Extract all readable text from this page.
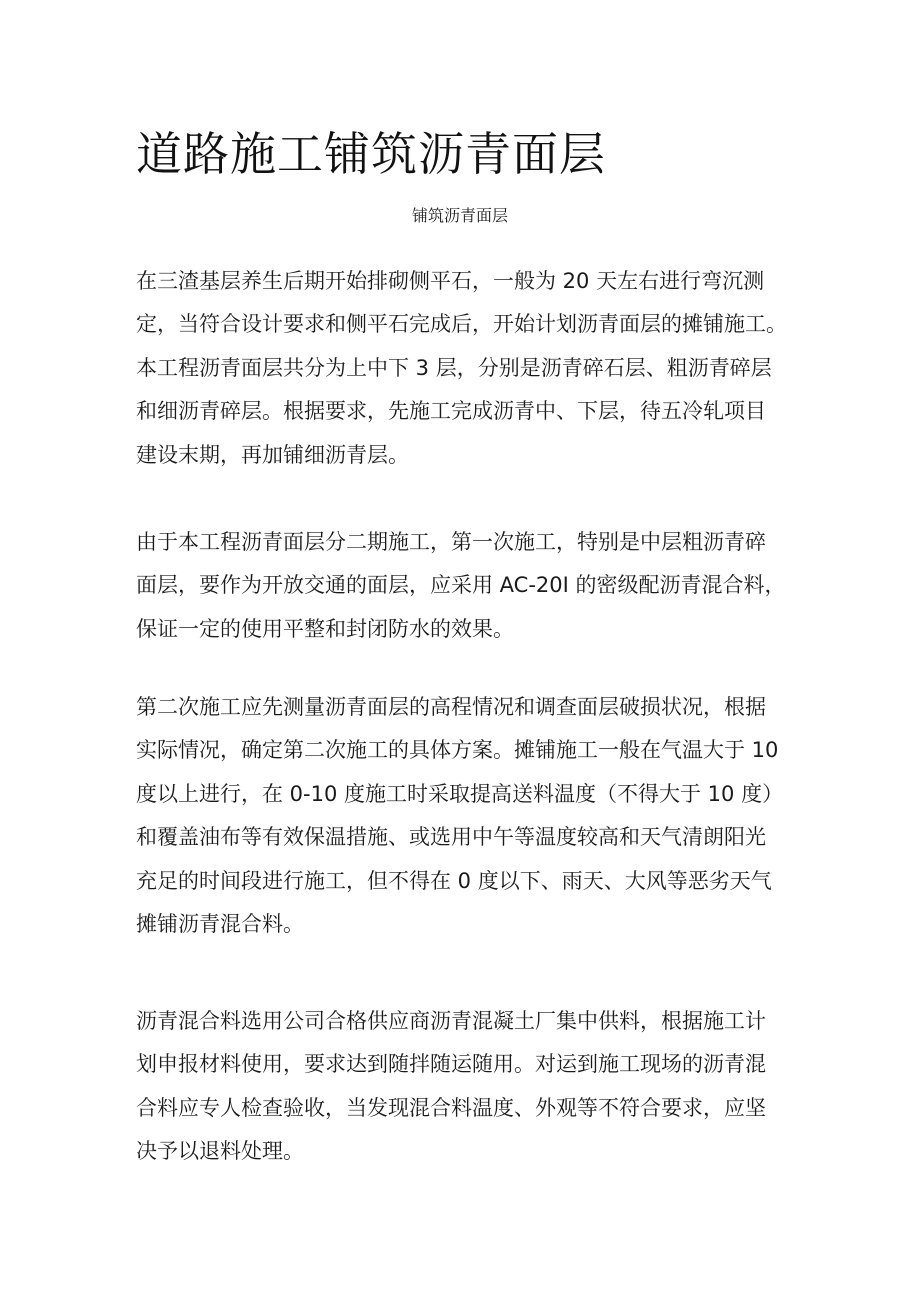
道路施工铺筑沥青面层

铺筑沥青面层

在三渣基层养生后期开始排砌侧平石，一般为 20 天左右进行弯沉测
定，当符合设计要求和侧平石完成后，开始计划沥青面层的摊铺施工。
本工程沥青面层共分为上中下 3 层，分别是沥青碎石层、粗沥青碎层
和细沥青碎层。根据要求，先施工完成沥青中、下层，待五冷轧项目
建设末期，再加铺细沥青层。
由于本工程沥青面层分二期施工，第一次施工，特别是中层粗沥青碎
面层，要作为开放交通的面层，应采用 AC-20I 的密级配沥青混合料，
保证一定的使用平整和封闭防水的效果。
第二次施工应先测量沥青面层的高程情况和调查面层破损状况，根据
实际情况，确定第二次施工的具体方案。摊铺施工一般在气温大于 10
度以上进行，在 0-10 度施工时采取提高送料温度（不得大于 10 度）
和覆盖油布等有效保温措施、或选用中午等温度较高和天气清朗阳光
充足的时间段进行施工，但不得在 0 度以下、雨天、大风等恶劣天气
摊铺沥青混合料。
沥青混合料选用公司合格供应商沥青混凝土厂集中供料，根据施工计
划申报材料使用，要求达到随拌随运随用。对运到施工现场的沥青混
合料应专人检查验收，当发现混合料温度、外观等不符合要求，应坚
决予以退料处理。
